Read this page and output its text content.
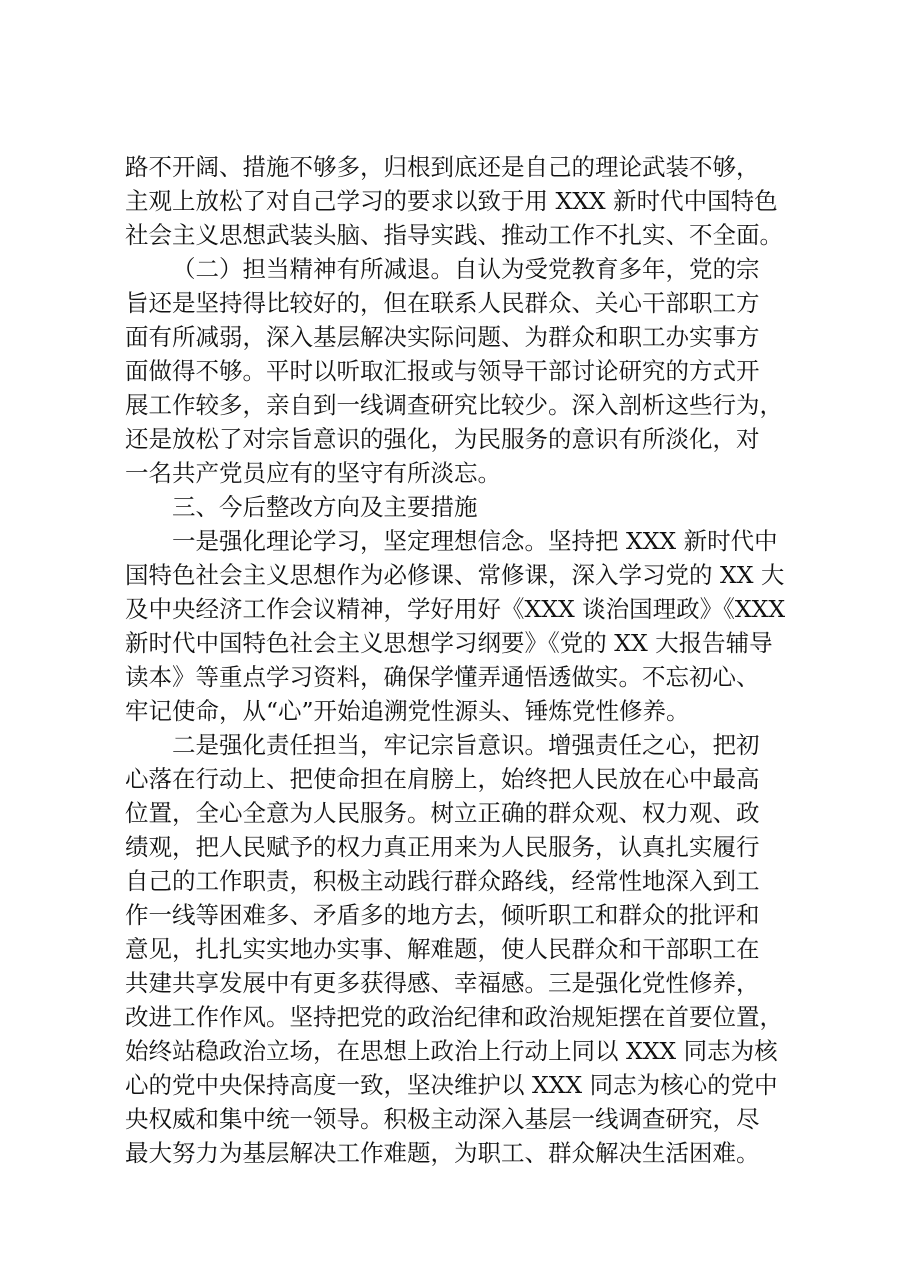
路不开阔、措施不够多，归根到底还是自己的理论武装不够，
主观上放松了对自己学习的要求以致于用 XXX 新时代中国特色
社会主义思想武装头脑、指导实践、推动工作不扎实、不全面。
（二）担当精神有所减退。自认为受党教育多年，党的宗
旨还是坚持得比较好的，但在联系人民群众、关心干部职工方
面有所减弱，深入基层解决实际问题、为群众和职工办实事方
面做得不够。平时以听取汇报或与领导干部讨论研究的方式开
展工作较多，亲自到一线调查研究比较少。深入剖析这些行为，
还是放松了对宗旨意识的强化，为民服务的意识有所淡化，对
一名共产党员应有的坚守有所淡忘。
三、今后整改方向及主要措施
一是强化理论学习，坚定理想信念。坚持把 XXX 新时代中
国特色社会主义思想作为必修课、常修课，深入学习党的 XX 大
及中央经济工作会议精神，学好用好《XXX 谈治国理政》《XXX
新时代中国特色社会主义思想学习纲要》《党的 XX 大报告辅导
读本》等重点学习资料，确保学懂弄通悟透做实。不忘初心、
牢记使命，从“心”开始追溯党性源头、锤炼党性修养。
二是强化责任担当，牢记宗旨意识。增强责任之心，把初
心落在行动上、把使命担在肩膀上，始终把人民放在心中最高
位置，全心全意为人民服务。树立正确的群众观、权力观、政
绩观，把人民赋予的权力真正用来为人民服务，认真扎实履行
自己的工作职责，积极主动践行群众路线，经常性地深入到工
作一线等困难多、矛盾多的地方去，倾听职工和群众的批评和
意见，扎扎实实地办实事、解难题，使人民群众和干部职工在
共建共享发展中有更多获得感、幸福感。三是强化党性修养，
改进工作作风。坚持把党的政治纪律和政治规矩摆在首要位置，
始终站稳政治立场，在思想上政治上行动上同以 XXX 同志为核
心的党中央保持高度一致，坚决维护以 XXX 同志为核心的党中
央权威和集中统一领导。积极主动深入基层一线调查研究，尽
最大努力为基层解决工作难题，为职工、群众解决生活困难。
